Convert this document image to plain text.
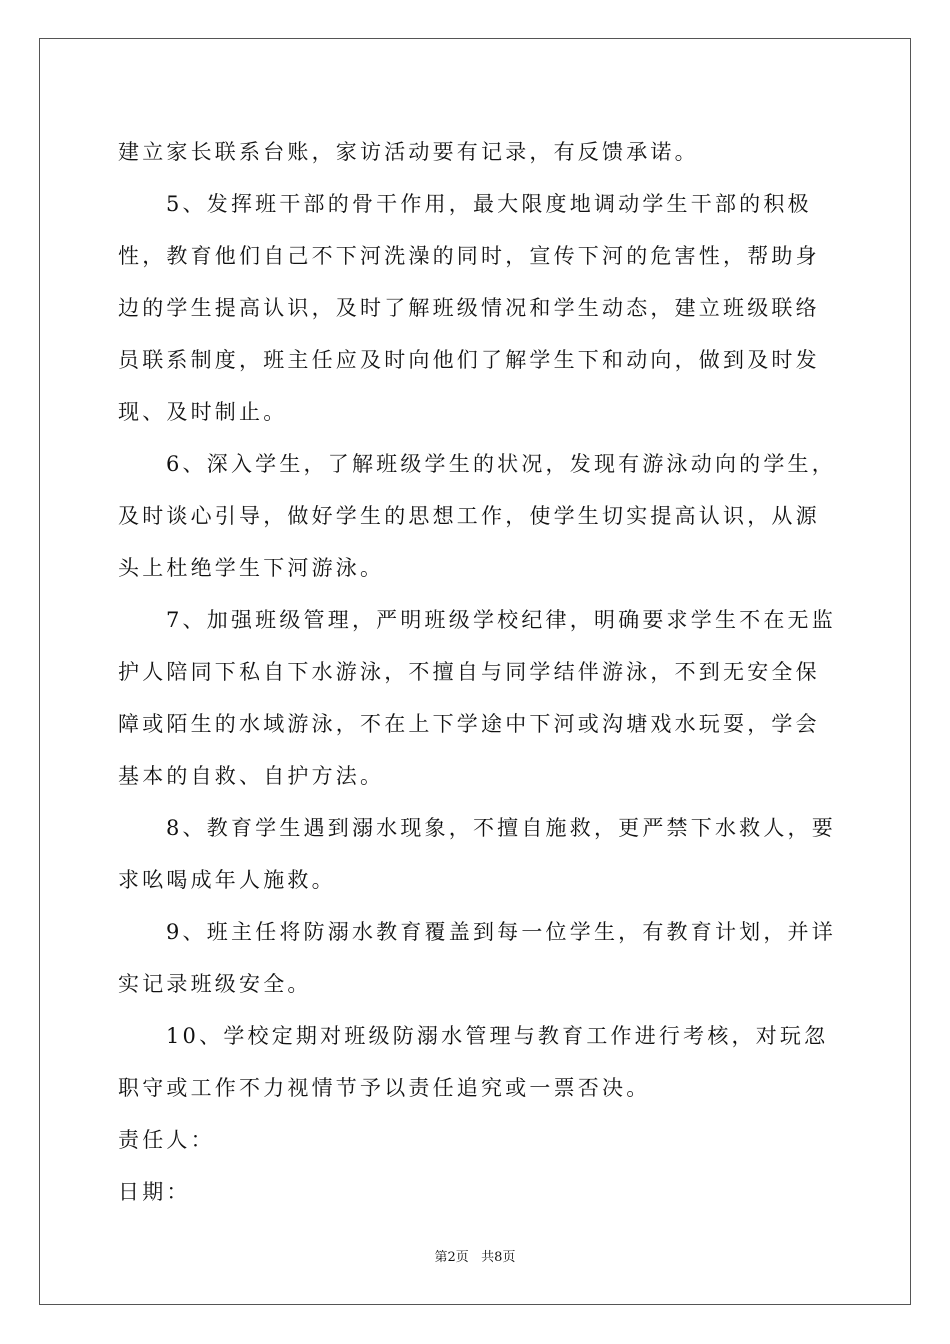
建立家长联系台账，家访活动要有记录，有反馈承诺。

5、发挥班干部的骨干作用，最大限度地调动学生干部的积极性，教育他们自己不下河洗澡的同时，宣传下河的危害性，帮助身边的学生提高认识，及时了解班级情况和学生动态，建立班级联络员联系制度，班主任应及时向他们了解学生下和动向，做到及时发现、及时制止。

6、深入学生，了解班级学生的状况，发现有游泳动向的学生，及时谈心引导，做好学生的思想工作，使学生切实提高认识，从源头上杜绝学生下河游泳。

7、加强班级管理，严明班级学校纪律，明确要求学生不在无监护人陪同下私自下水游泳，不擅自与同学结伴游泳，不到无安全保障或陌生的水域游泳，不在上下学途中下河或沟塘戏水玩耍，学会基本的自救、自护方法。

8、教育学生遇到溺水现象，不擅自施救，更严禁下水救人，要求吆喝成年人施救。

9、班主任将防溺水教育覆盖到每一位学生，有教育计划，并详实记录班级安全。

10、学校定期对班级防溺水管理与教育工作进行考核，对玩忽职守或工作不力视情节予以责任追究或一票否决。

责任人：

日期：

第2页   共8页
